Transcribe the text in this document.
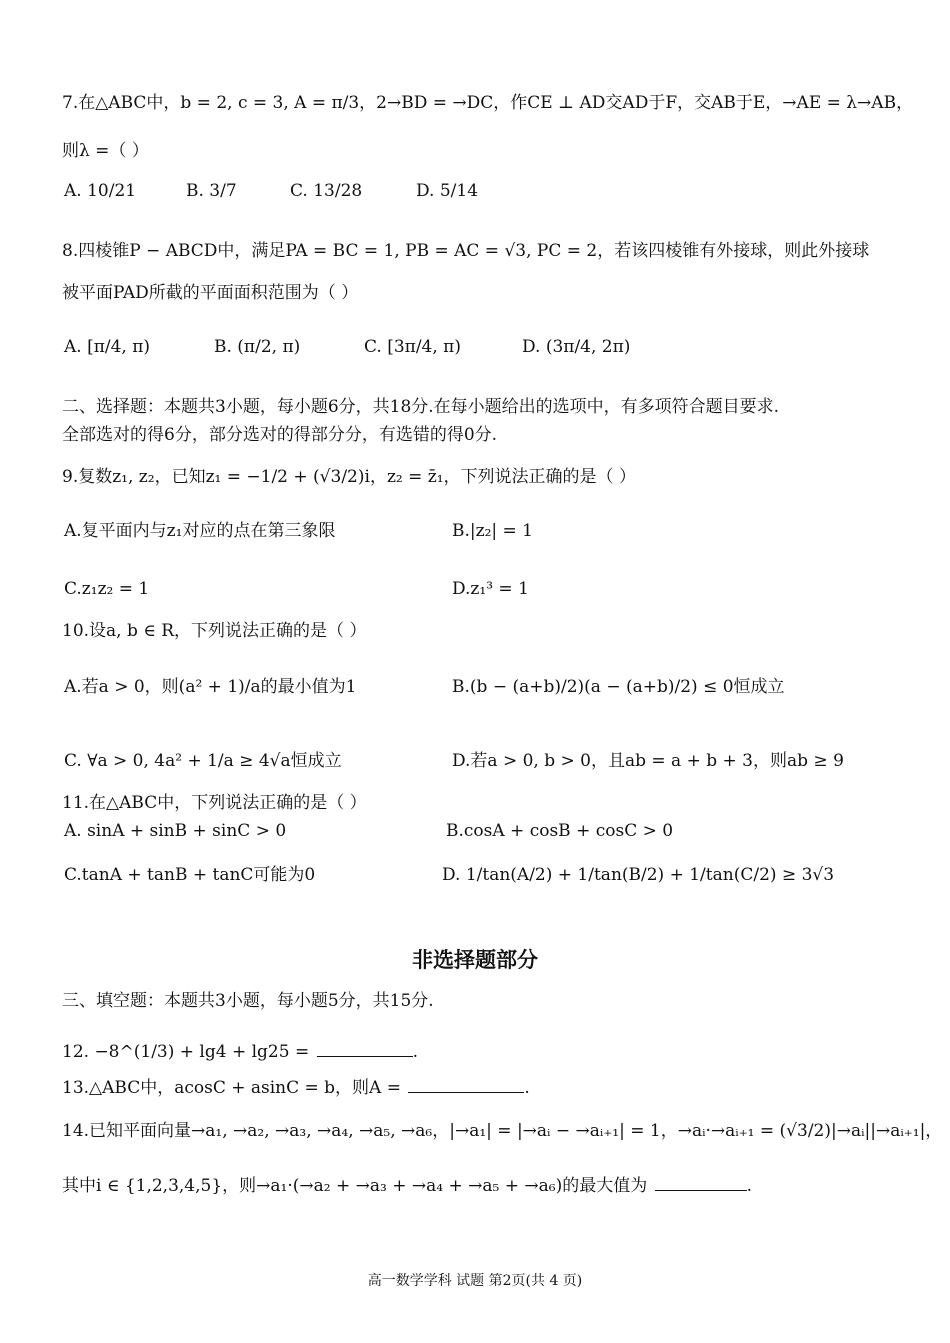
7.在△ABC中，b = 2, c = 3, A = π/3，2→BD = →DC，作CE ⊥ AD交AD于F，交AB于E，→AE = λ→AB，
则λ =（ ）
A. 10/21	B. 3/7	C. 13/28	D. 5/14
8.四棱锥P − ABCD中，满足PA = BC = 1, PB = AC = √3, PC = 2，若该四棱锥有外接球，则此外接球
被平面PAD所截的平面面积范围为（ ）
A. [π/4, π)	B. (π/2, π)	C. [3π/4, π)	D. (3π/4, 2π)
二、选择题：本题共3小题，每小题6分，共18分.在每小题给出的选项中，有多项符合题目要求.
全部选对的得6分，部分选对的得部分分，有选错的得0分.
9.复数z₁, z₂，已知z₁ = −1/2 + (√3/2)i，z₂ = z̄₁，下列说法正确的是（ ）
A.复平面内与z₁对应的点在第三象限	B.|z₂| = 1
C.z₁z₂ = 1	D.z₁³ = 1
10.设a, b ∈ R，下列说法正确的是（ ）
A.若a > 0，则(a² + 1)/a的最小值为1	B.(b − (a+b)/2)(a − (a+b)/2) ≤ 0恒成立
C. ∀a > 0, 4a² + 1/a ≥ 4√a恒成立	D.若a > 0, b > 0，且ab = a + b + 3，则ab ≥ 9
11.在△ABC中，下列说法正确的是（ ）
A. sinA + sinB + sinC > 0	B.cosA + cosB + cosC > 0
C.tanA + tanB + tanC可能为0	D. 1/tan(A/2) + 1/tan(B/2) + 1/tan(C/2) ≥ 3√3
非选择题部分
三、填空题：本题共3小题，每小题5分，共15分.
12. −8^(1/3) + lg4 + lg25 =	.
13.△ABC中，acosC + asinC = b，则A =	.
14.已知平面向量→a₁, →a₂, →a₃, →a₄, →a₅, →a₆，|→a₁| = |→aᵢ − →aᵢ₊₁| = 1，→aᵢ·→aᵢ₊₁ = (√3/2)|→aᵢ||→aᵢ₊₁|，
其中i ∈ {1,2,3,4,5}，则→a₁·(→a₂ + →a₃ + →a₄ + →a₅ + →a₆)的最大值为	.
高一数学学科 试题 第2页(共 4 页)
